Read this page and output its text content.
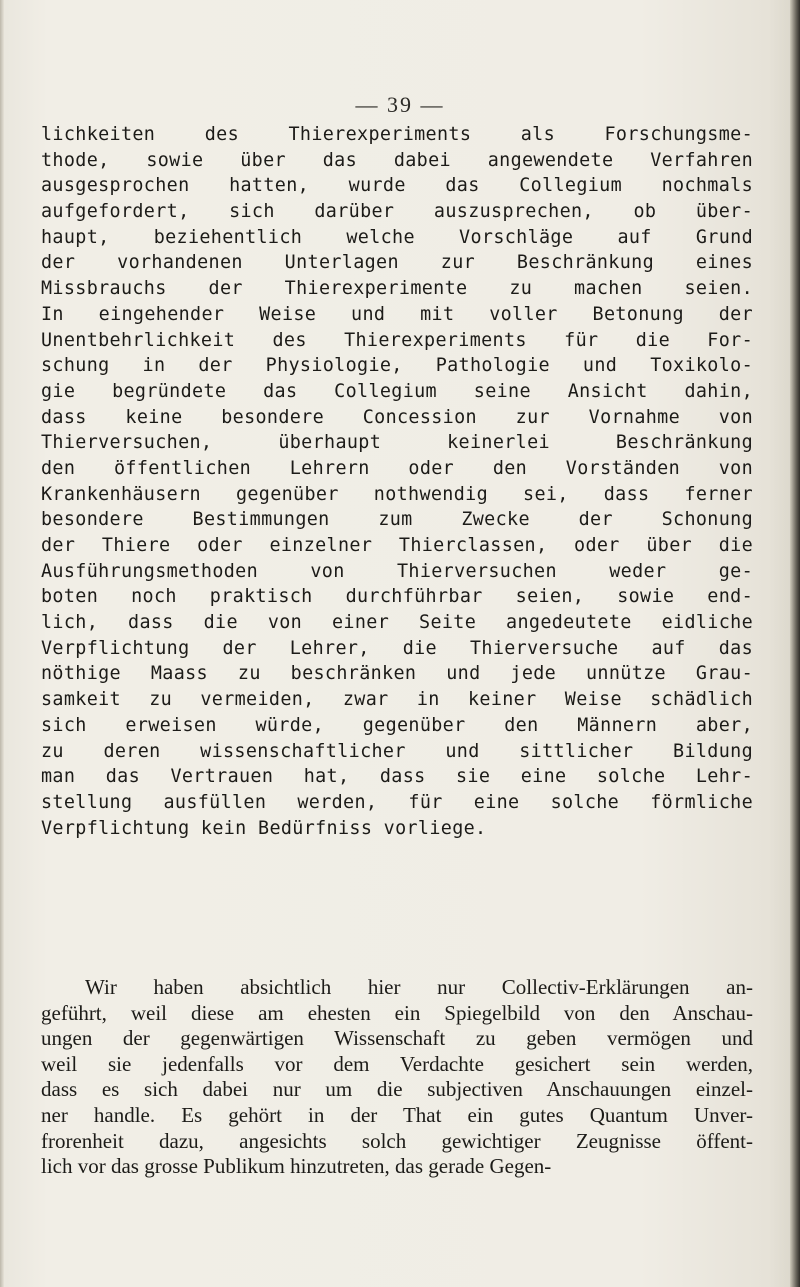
— 39 —
lichkeiten des Thierexperiments als Forschungsme-
thode, sowie über das dabei angewendete Verfahren
ausgesprochen hatten, wurde das Collegium nochmals
aufgefordert, sich darüber auszusprechen, ob über-
haupt, beziehentlich welche Vorschläge auf Grund
der vorhandenen Unterlagen zur Beschränkung eines
Missbrauchs der Thierexperimente zu machen seien.
In eingehender Weise und mit voller Betonung der
Unentbehrlichkeit des Thierexperiments für die For-
schung in der Physiologie, Pathologie und Toxikolo-
gie begründete das Collegium seine Ansicht dahin,
dass keine besondere Concession zur Vornahme von
Thierversuchen, überhaupt keinerlei Beschränkung
den öffentlichen Lehrern oder den Vorständen von
Krankenhäusern gegenüber nothwendig sei, dass ferner
besondere Bestimmungen zum Zwecke der Schonung
der Thiere oder einzelner Thierclassen, oder über die
Ausführungsmethoden von Thierversuchen weder ge-
boten noch praktisch durchführbar seien, sowie end-
lich, dass die von einer Seite angedeutete eidliche
Verpflichtung der Lehrer, die Thierversuche auf das
nöthige Maass zu beschränken und jede unnütze Grau-
samkeit zu vermeiden, zwar in keiner Weise schädlich
sich erweisen würde, gegenüber den Männern aber,
zu deren wissenschaftlicher und sittlicher Bildung
man das Vertrauen hat, dass sie eine solche Lehr-
stellung ausfüllen werden, für eine solche förmliche
Verpflichtung kein Bedürfniss vorliege.
Wir haben absichtlich hier nur Collectiv-Erklärungen an-
geführt, weil diese am ehesten ein Spiegelbild von den Anschau-
ungen der gegenwärtigen Wissenschaft zu geben vermögen und
weil sie jedenfalls vor dem Verdachte gesichert sein werden,
dass es sich dabei nur um die subjectiven Anschauungen einzel-
ner handle. Es gehört in der That ein gutes Quantum Unver-
frorenheit dazu, angesichts solch gewichtiger Zeugnisse öffent-
lich vor das grosse Publikum hinzutreten, das gerade Gegen-
